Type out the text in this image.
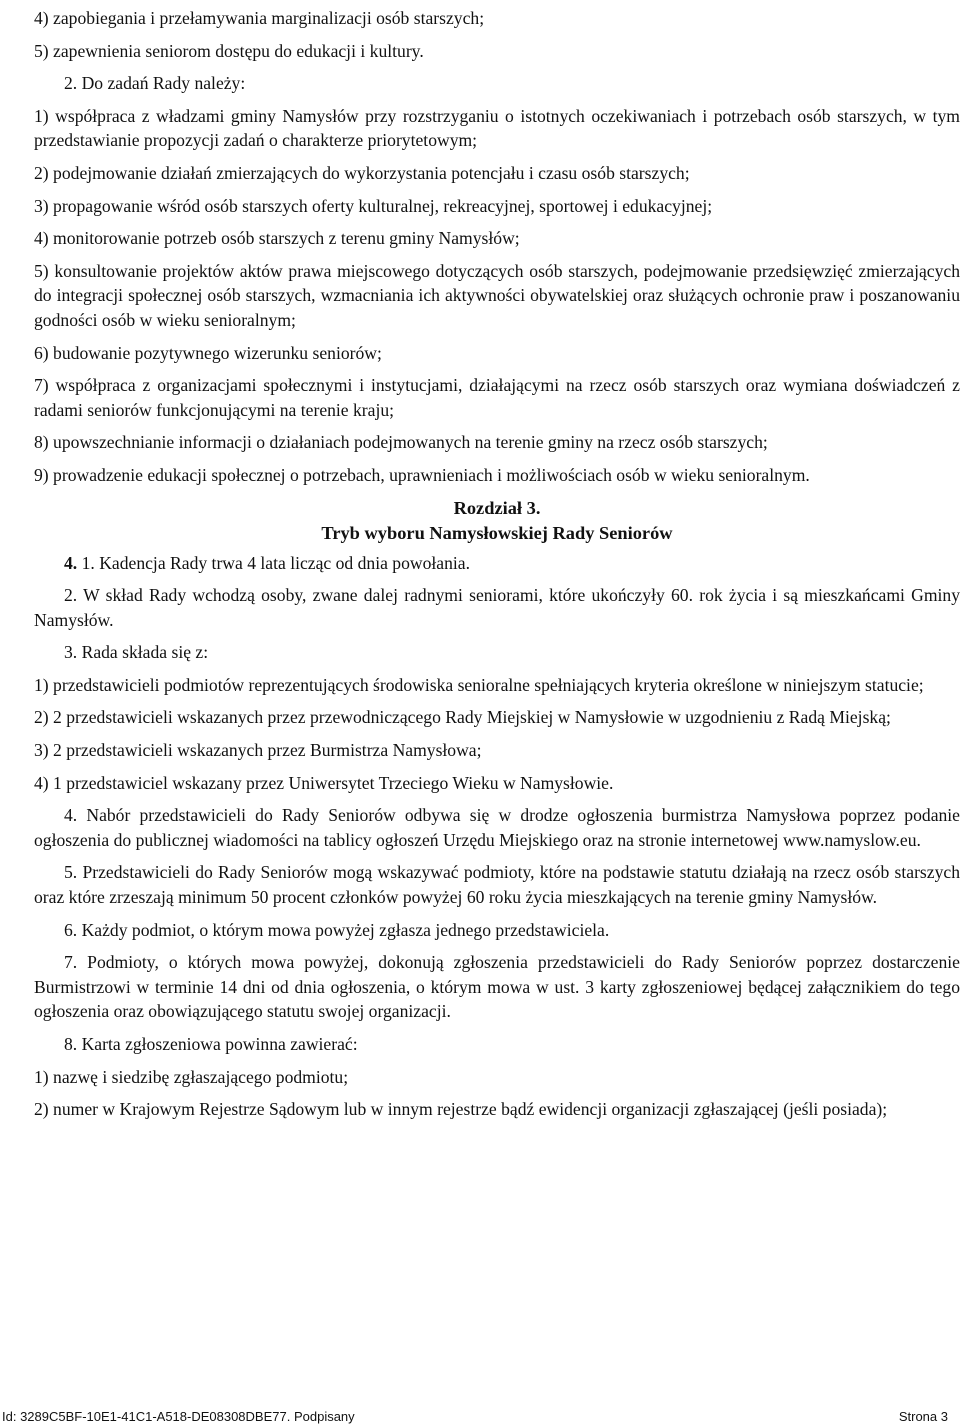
4) zapobiegania i przełamywania marginalizacji osób starszych;

5) zapewnienia seniorom dostępu do edukacji i kultury.

2. Do zadań Rady należy:

1) współpraca z władzami gminy Namysłów przy rozstrzyganiu o istotnych oczekiwaniach i potrzebach osób starszych, w tym przedstawianie propozycji zadań o charakterze priorytetowym;

2) podejmowanie działań zmierzających do wykorzystania potencjału i czasu osób starszych;

3) propagowanie wśród osób starszych oferty kulturalnej, rekreacyjnej, sportowej i edukacyjnej;

4) monitorowanie potrzeb osób starszych z terenu gminy Namysłów;

5) konsultowanie projektów aktów prawa miejscowego dotyczących osób starszych, podejmowanie przedsięwzięć zmierzających do integracji społecznej osób starszych, wzmacniania ich aktywności obywatelskiej oraz służących ochronie praw i poszanowaniu godności osób w wieku senioralnym;

6) budowanie pozytywnego wizerunku seniorów;

7) współpraca z organizacjami społecznymi i instytucjami, działającymi na rzecz osób starszych oraz wymiana doświadczeń z radami seniorów funkcjonującymi na terenie kraju;

8) upowszechnianie informacji o działaniach podejmowanych na terenie gminy na rzecz osób starszych;

9) prowadzenie edukacji społecznej o potrzebach, uprawnieniach i możliwościach osób w wieku senioralnym.

Rozdział 3.

Tryb wyboru Namysłowskiej Rady Seniorów

4. 1. Kadencja Rady trwa 4 lata licząc od dnia powołania.

2. W skład Rady wchodzą osoby, zwane dalej radnymi seniorami, które ukończyły 60. rok życia i są mieszkańcami Gminy Namysłów.

3. Rada składa się z:

1) przedstawicieli podmiotów reprezentujących środowiska senioralne spełniających kryteria określone w niniejszym statucie;

2) 2 przedstawicieli wskazanych przez przewodniczącego Rady Miejskiej w Namysłowie w uzgodnieniu z Radą Miejską;

3) 2 przedstawicieli wskazanych przez Burmistrza Namysłowa;

4) 1 przedstawiciel wskazany przez Uniwersytet Trzeciego Wieku w Namysłowie.

4. Nabór przedstawicieli do Rady Seniorów odbywa się w drodze ogłoszenia burmistrza Namysłowa poprzez podanie ogłoszenia do publicznej wiadomości na tablicy ogłoszeń Urzędu Miejskiego oraz na stronie internetowej www.namyslow.eu.

5. Przedstawicieli do Rady Seniorów mogą wskazywać podmioty, które na podstawie statutu działają na rzecz osób starszych oraz które zrzeszają minimum 50 procent członków powyżej 60 roku życia mieszkających na terenie gminy Namysłów.

6. Każdy podmiot, o którym mowa powyżej zgłasza jednego przedstawiciela.

7. Podmioty, o których mowa powyżej, dokonują zgłoszenia przedstawicieli do Rady Seniorów poprzez dostarczenie Burmistrzowi w terminie 14 dni od dnia ogłoszenia, o którym mowa w ust. 3 karty zgłoszeniowej będącej załącznikiem do tego ogłoszenia oraz obowiązującego statutu swojej organizacji.

8. Karta zgłoszeniowa powinna zawierać:

1) nazwę i siedzibę zgłaszającego podmiotu;

2) numer w Krajowym Rejestrze Sądowym lub w innym rejestrze bądź ewidencji organizacji zgłaszającej (jeśli posiada);

Id: 3289C5BF-10E1-41C1-A518-DE08308DBE77. Podpisany	Strona 3
